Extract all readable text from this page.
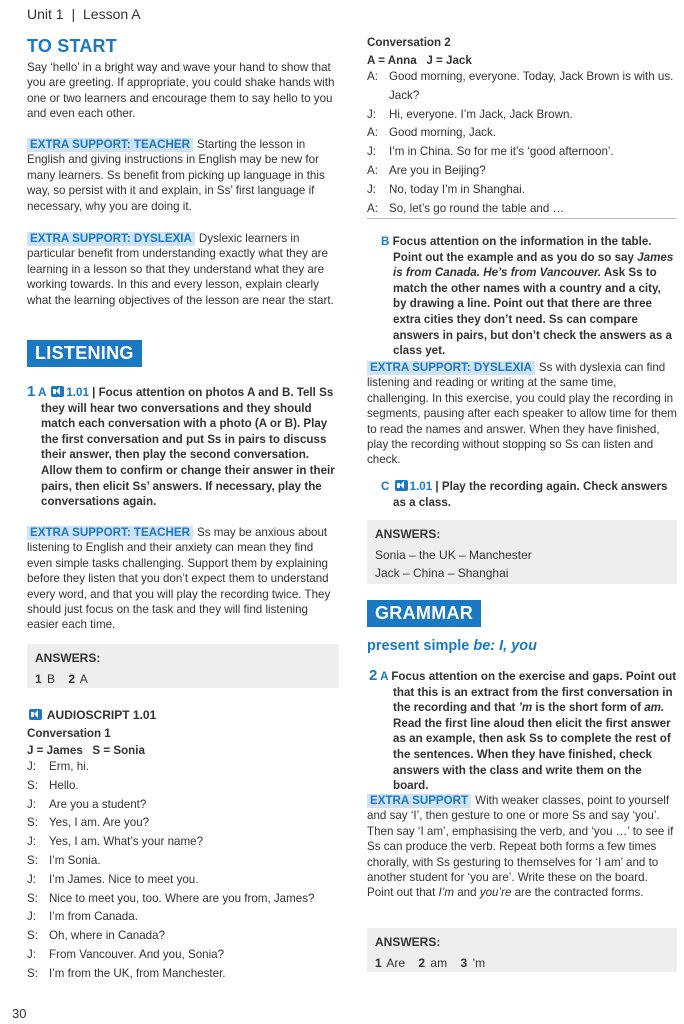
Unit 1 | Lesson A
TO START
Say ‘hello’ in a bright way and wave your hand to show that you are greeting. If appropriate, you could shake hands with one or two learners and encourage them to say hello to you and even each other.
EXTRA SUPPORT: TEACHER Starting the lesson in English and giving instructions in English may be new for many learners. Ss benefit from picking up language in this way, so persist with it and explain, in Ss’ first language if necessary, why you are doing it.
EXTRA SUPPORT: DYSLEXIA Dyslexic learners in particular benefit from understanding exactly what they are learning in a lesson so that they understand what they are working towards. In this and every lesson, explain clearly what the learning objectives of the lesson are near the start.
LISTENING
1 A 1.01 | Focus attention on photos A and B. Tell Ss they will hear two conversations and they should match each conversation with a photo (A or B). Play the first conversation and put Ss in pairs to discuss their answer, then play the second conversation. Allow them to confirm or change their answer in their pairs, then elicit Ss’ answers. If necessary, play the conversations again.
EXTRA SUPPORT: TEACHER Ss may be anxious about listening to English and their anxiety can mean they find even simple tasks challenging. Support them by explaining before they listen that you don’t expect them to understand every word, and that you will play the recording twice. They should just focus on the task and they will find listening easier each time.
ANSWERS:
1 B 2 A
AUDIOSCRIPT 1.01
Conversation 1
J = James   S = Sonia
J:	Erm, hi.
S: Hello.
J:	Are you a student?
S: Yes, I am. Are you?
J:	Yes, I am. What’s your name?
S: I’m Sonia.
J:	I’m James. Nice to meet you.
S: Nice to meet you, too. Where are you from, James?
J:	I’m from Canada.
S: Oh, where in Canada?
J:	From Vancouver. And you, Sonia?
S: I’m from the UK, from Manchester.
Conversation 2
A = Anna   J = Jack
A: Good morning, everyone. Today, Jack Brown is with us. Jack?
J:	Hi, everyone. I’m Jack, Jack Brown.
A: Good morning, Jack.
J:	I’m in China. So for me it’s ‘good afternoon’.
A: Are you in Beijing?
J:	No, today I’m in Shanghai.
A: So, let’s go round the table and …
B Focus attention on the information in the table. Point out the example and as you do so say James is from Canada. He’s from Vancouver. Ask Ss to match the other names with a country and a city, by drawing a line. Point out that there are three extra cities they don’t need. Ss can compare answers in pairs, but don’t check the answers as a class yet.
EXTRA SUPPORT: DYSLEXIA Ss with dyslexia can find listening and reading or writing at the same time, challenging. In this exercise, you could play the recording in segments, pausing after each speaker to allow time for them to read the names and answer. When they have finished, play the recording without stopping so Ss can listen and check.
C 1.01 | Play the recording again. Check answers as a class.
ANSWERS:
Sonia – the UK – Manchester
Jack – China – Shanghai
GRAMMAR
present simple be: I, you
2 A Focus attention on the exercise and gaps. Point out that this is an extract from the first conversation in the recording and that ’m is the short form of am. Read the first line aloud then elicit the first answer as an example, then ask Ss to complete the rest of the sentences. When they have finished, check answers with the class and write them on the board.
EXTRA SUPPORT With weaker classes, point to yourself and say ‘I’, then gesture to one or more Ss and say ‘you’. Then say ‘I am’, emphasising the verb, and ‘you …’ to see if Ss can produce the verb. Repeat both forms a few times chorally, with Ss gesturing to themselves for ‘I am’ and to another student for ‘you are’. Write these on the board. Point out that I’m and you’re are the contracted forms.
ANSWERS:
1 Are 2 am 3 ’m
30
